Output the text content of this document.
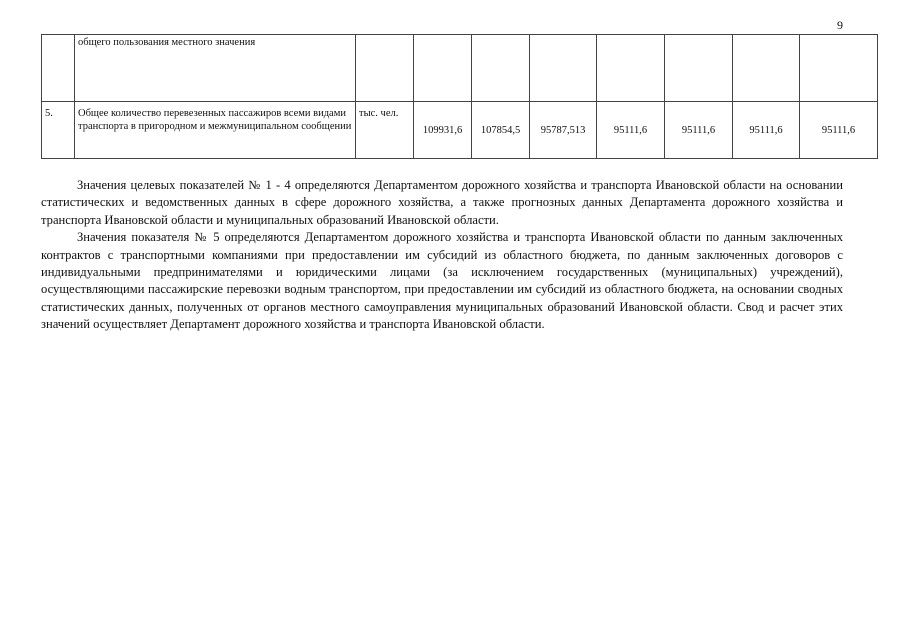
9
	общего пользования местного значения								
5.	Общее количество перевезенных пассажиров всеми видами транспорта в пригородном и межмуниципальном сообщении	тыс. чел.	109931,6	107854,5	95787,513	95111,6	95111,6	95111,6	95111,6

Значения целевых показателей № 1 - 4 определяются Департаментом дорожного хозяйства и транспорта Ивановской области на основании статистических и ведомственных данных в сфере дорожного хозяйства, а также прогнозных данных Департамента дорожного хозяйства и транспорта Ивановской области и муниципальных образований Ивановской области.

Значения показателя № 5 определяются Департаментом дорожного хозяйства и транспорта Ивановской области по данным заключенных контрактов с транспортными компаниями при предоставлении им субсидий из областного бюджета, по данным заключенных договоров с индивидуальными предпринимателями и юридическими лицами (за исключением государственных (муниципальных) учреждений), осуществляющими пассажирские перевозки водным транспортом, при предоставлении им субсидий из областного бюджета, на основании сводных статистических данных, полученных от органов местного самоуправления муниципальных образований Ивановской области. Свод и расчет этих значений осуществляет Департамент дорожного хозяйства и транспорта Ивановской области.
